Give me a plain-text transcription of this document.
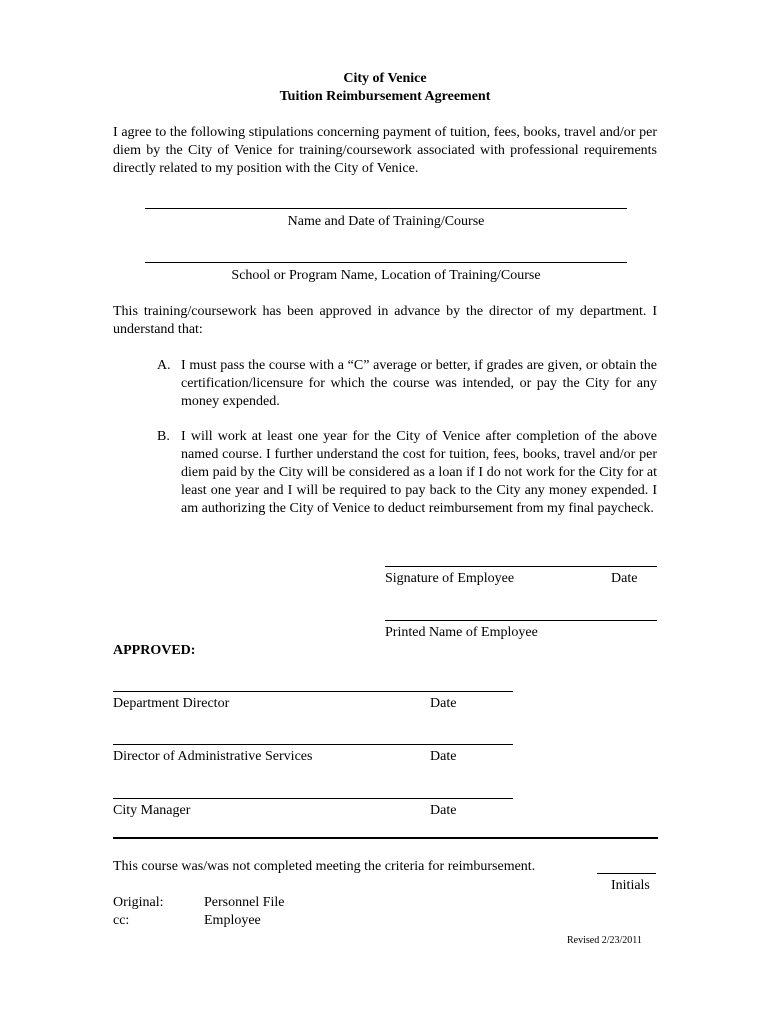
City of Venice
Tuition Reimbursement Agreement
I agree to the following stipulations concerning payment of tuition, fees, books, travel and/or per diem by the City of Venice for training/coursework associated with professional requirements directly related to my position with the City of Venice.
Name and Date of Training/Course
School or Program Name, Location of Training/Course
This training/coursework has been approved in advance by the director of my department. I understand that:
A. I must pass the course with a “C” average or better, if grades are given, or obtain the certification/licensure for which the course was intended, or pay the City for any money expended.
B. I will work at least one year for the City of Venice after completion of the above named course. I further understand the cost for tuition, fees, books, travel and/or per diem paid by the City will be considered as a loan if I do not work for the City for at least one year and I will be required to pay back to the City any money expended. I am authorizing the City of Venice to deduct reimbursement from my final paycheck.
Signature of Employee	Date
Printed Name of Employee
APPROVED:
Department Director	Date
Director of Administrative Services	Date
City Manager	Date
This course was/was not completed meeting the criteria for reimbursement.
Initials
Original:	Personnel File
cc:	Employee
Revised 2/23/2011
